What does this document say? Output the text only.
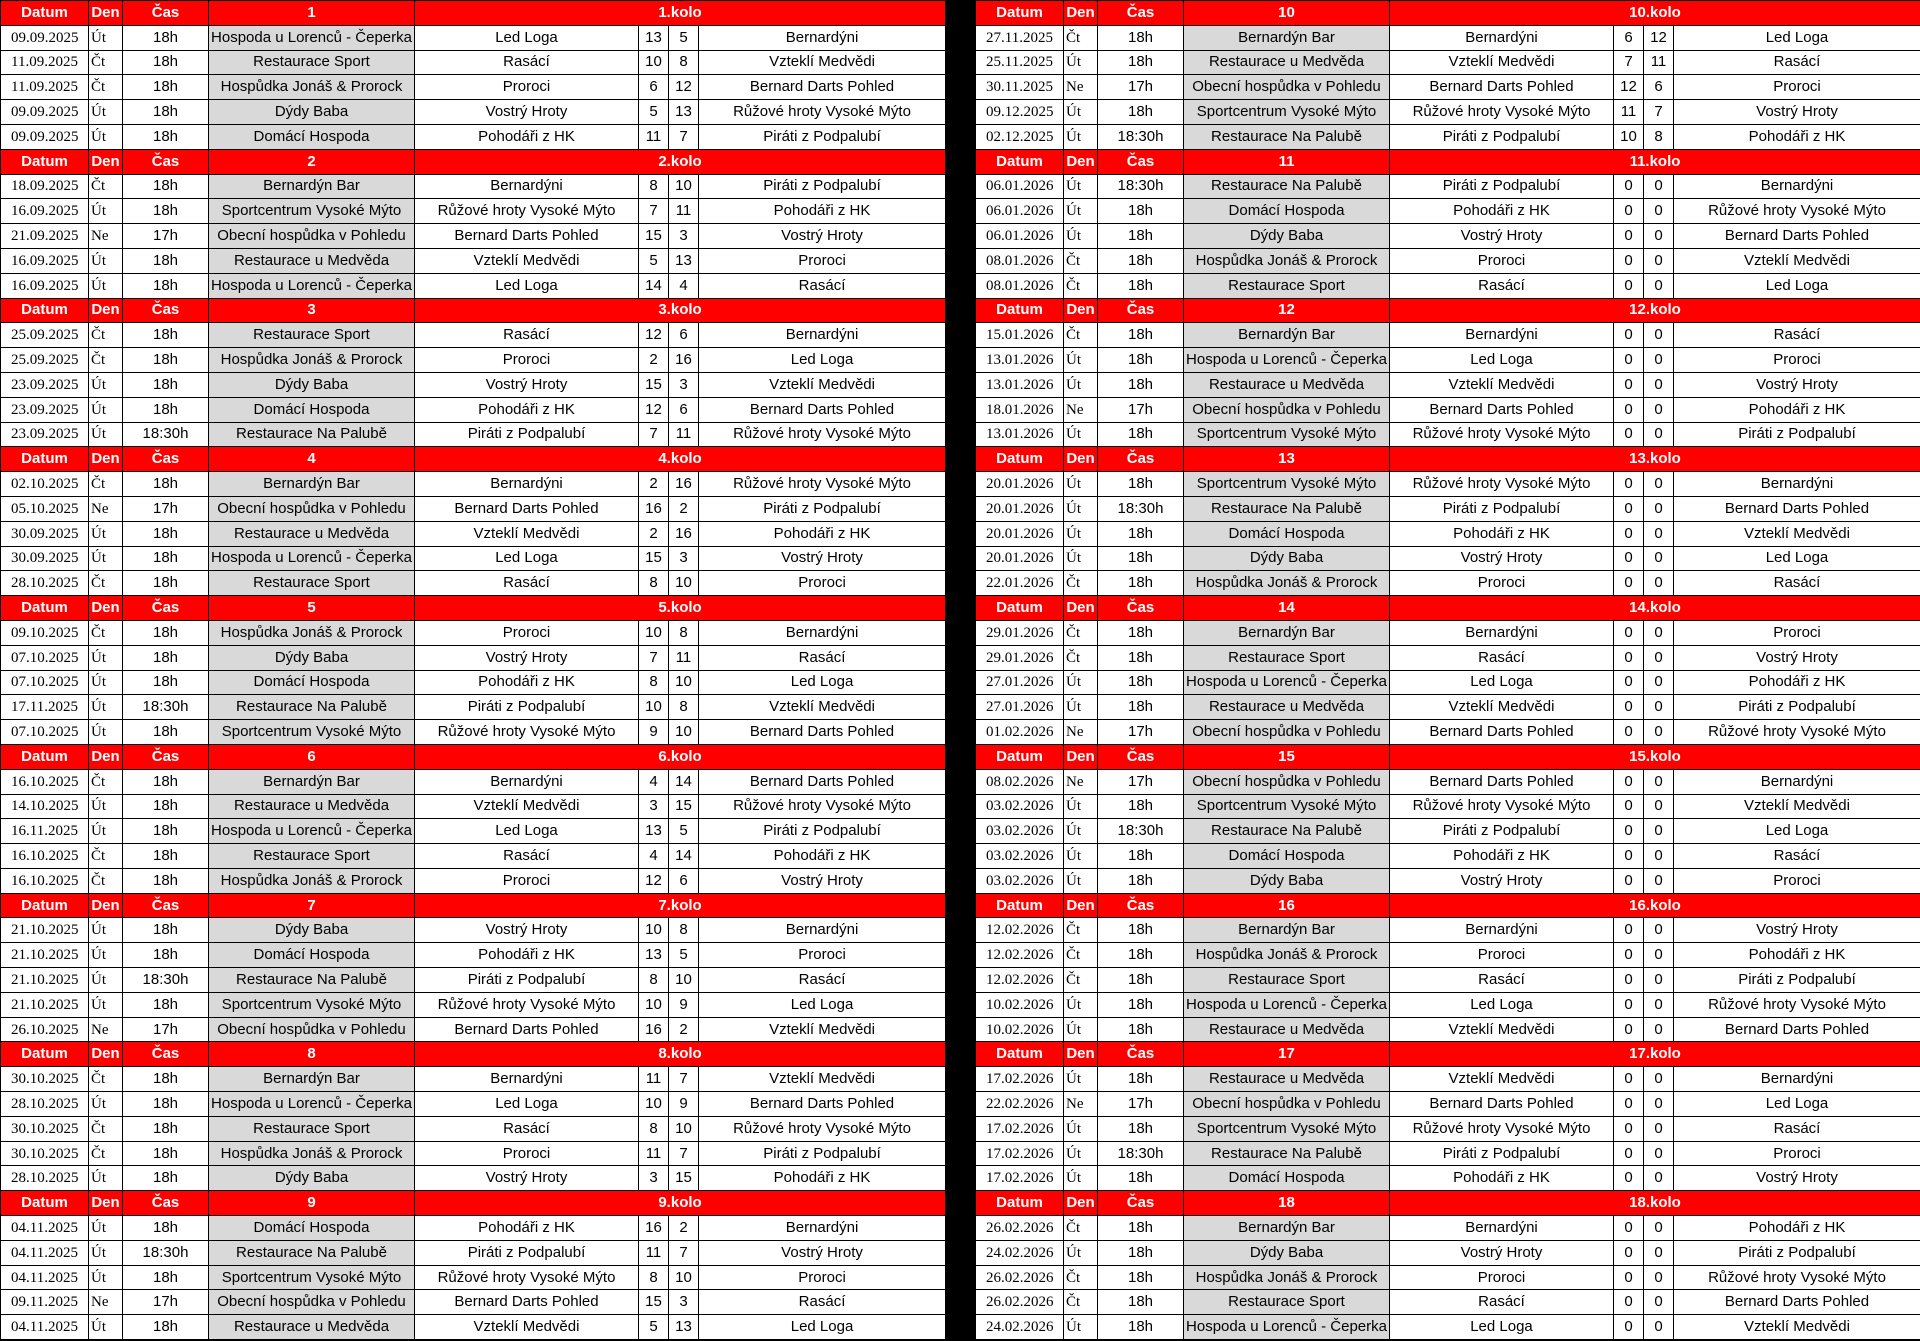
Datum	Den	Čas	1	1.kolo			
09.09.2025	Út	18h	Hospoda u Lorenců - Čeperka	Led Loga	13	5	Bernardýni
11.09.2025	Čt	18h	Restaurace Sport	Rasácí	10	8	Vzteklí Medvědi
11.09.2025	Čt	18h	Hospůdka Jonáš & Prorock	Proroci	6	12	Bernard Darts Pohled
09.09.2025	Út	18h	Dýdy Baba	Vostrý Hroty	5	13	Růžové hroty Vysoké Mýto
09.09.2025	Út	18h	Domácí Hospoda	Pohodáři z HK	11	7	Piráti z Podpalubí
Datum	Den	Čas	2	2.kolo			
18.09.2025	Čt	18h	Bernardýn Bar	Bernardýni	8	10	Piráti z Podpalubí
16.09.2025	Út	18h	Sportcentrum Vysoké Mýto	Růžové hroty Vysoké Mýto	7	11	Pohodáři z HK
21.09.2025	Ne	17h	Obecní hospůdka v Pohledu	Bernard Darts Pohled	15	3	Vostrý Hroty
16.09.2025	Út	18h	Restaurace u Medvěda	Vzteklí Medvědi	5	13	Proroci
16.09.2025	Út	18h	Hospoda u Lorenců - Čeperka	Led Loga	14	4	Rasácí
Datum	Den	Čas	3	3.kolo			
25.09.2025	Čt	18h	Restaurace Sport	Rasácí	12	6	Bernardýni
25.09.2025	Čt	18h	Hospůdka Jonáš & Prorock	Proroci	2	16	Led Loga
23.09.2025	Út	18h	Dýdy Baba	Vostrý Hroty	15	3	Vzteklí Medvědi
23.09.2025	Út	18h	Domácí Hospoda	Pohodáři z HK	12	6	Bernard Darts Pohled
23.09.2025	Út	18:30h	Restaurace Na Palubě	Piráti z Podpalubí	7	11	Růžové hroty Vysoké Mýto
Datum	Den	Čas	4	4.kolo			
02.10.2025	Čt	18h	Bernardýn Bar	Bernardýni	2	16	Růžové hroty Vysoké Mýto
05.10.2025	Ne	17h	Obecní hospůdka v Pohledu	Bernard Darts Pohled	16	2	Piráti z Podpalubí
30.09.2025	Út	18h	Restaurace u Medvěda	Vzteklí Medvědi	2	16	Pohodáři z HK
30.09.2025	Út	18h	Hospoda u Lorenců - Čeperka	Led Loga	15	3	Vostrý Hroty
28.10.2025	Čt	18h	Restaurace Sport	Rasácí	8	10	Proroci
Datum	Den	Čas	5	5.kolo			
09.10.2025	Čt	18h	Hospůdka Jonáš & Prorock	Proroci	10	8	Bernardýni
07.10.2025	Út	18h	Dýdy Baba	Vostrý Hroty	7	11	Rasácí
07.10.2025	Út	18h	Domácí Hospoda	Pohodáři z HK	8	10	Led Loga
17.11.2025	Út	18:30h	Restaurace Na Palubě	Piráti z Podpalubí	10	8	Vzteklí Medvědi
07.10.2025	Út	18h	Sportcentrum Vysoké Mýto	Růžové hroty Vysoké Mýto	9	10	Bernard Darts Pohled
Datum	Den	Čas	6	6.kolo			
16.10.2025	Čt	18h	Bernardýn Bar	Bernardýni	4	14	Bernard Darts Pohled
14.10.2025	Út	18h	Restaurace u Medvěda	Vzteklí Medvědi	3	15	Růžové hroty Vysoké Mýto
16.11.2025	Út	18h	Hospoda u Lorenců - Čeperka	Led Loga	13	5	Piráti z Podpalubí
16.10.2025	Čt	18h	Restaurace Sport	Rasácí	4	14	Pohodáři z HK
16.10.2025	Čt	18h	Hospůdka Jonáš & Prorock	Proroci	12	6	Vostrý Hroty
Datum	Den	Čas	7	7.kolo			
21.10.2025	Út	18h	Dýdy Baba	Vostrý Hroty	10	8	Bernardýni
21.10.2025	Út	18h	Domácí Hospoda	Pohodáři z HK	13	5	Proroci
21.10.2025	Út	18:30h	Restaurace Na Palubě	Piráti z Podpalubí	8	10	Rasácí
21.10.2025	Út	18h	Sportcentrum Vysoké Mýto	Růžové hroty Vysoké Mýto	10	9	Led Loga
26.10.2025	Ne	17h	Obecní hospůdka v Pohledu	Bernard Darts Pohled	16	2	Vzteklí Medvědi
Datum	Den	Čas	8	8.kolo			
30.10.2025	Čt	18h	Bernardýn Bar	Bernardýni	11	7	Vzteklí Medvědi
28.10.2025	Út	18h	Hospoda u Lorenců - Čeperka	Led Loga	10	9	Bernard Darts Pohled
30.10.2025	Čt	18h	Restaurace Sport	Rasácí	8	10	Růžové hroty Vysoké Mýto
30.10.2025	Čt	18h	Hospůdka Jonáš & Prorock	Proroci	11	7	Piráti z Podpalubí
28.10.2025	Út	18h	Dýdy Baba	Vostrý Hroty	3	15	Pohodáři z HK
Datum	Den	Čas	9	9.kolo			
04.11.2025	Út	18h	Domácí Hospoda	Pohodáři z HK	16	2	Bernardýni
04.11.2025	Út	18:30h	Restaurace Na Palubě	Piráti z Podpalubí	11	7	Vostrý Hroty
04.11.2025	Út	18h	Sportcentrum Vysoké Mýto	Růžové hroty Vysoké Mýto	8	10	Proroci
09.11.2025	Ne	17h	Obecní hospůdka v Pohledu	Bernard Darts Pohled	15	3	Rasácí
04.11.2025	Út	18h	Restaurace u Medvěda	Vzteklí Medvědi	5	13	Led Loga
Datum	Den	Čas	10	10.kolo			
27.11.2025	Čt	18h	Bernardýn Bar	Bernardýni	6	12	Led Loga
25.11.2025	Út	18h	Restaurace u Medvěda	Vzteklí Medvědi	7	11	Rasácí
30.11.2025	Ne	17h	Obecní hospůdka v Pohledu	Bernard Darts Pohled	12	6	Proroci
09.12.2025	Út	18h	Sportcentrum Vysoké Mýto	Růžové hroty Vysoké Mýto	11	7	Vostrý Hroty
02.12.2025	Út	18:30h	Restaurace Na Palubě	Piráti z Podpalubí	10	8	Pohodáři z HK
Datum	Den	Čas	11	11.kolo			
06.01.2026	Út	18:30h	Restaurace Na Palubě	Piráti z Podpalubí	0	0	Bernardýni
06.01.2026	Út	18h	Domácí Hospoda	Pohodáři z HK	0	0	Růžové hroty Vysoké Mýto
06.01.2026	Út	18h	Dýdy Baba	Vostrý Hroty	0	0	Bernard Darts Pohled
08.01.2026	Čt	18h	Hospůdka Jonáš & Prorock	Proroci	0	0	Vzteklí Medvědi
08.01.2026	Čt	18h	Restaurace Sport	Rasácí	0	0	Led Loga
Datum	Den	Čas	12	12.kolo			
15.01.2026	Čt	18h	Bernardýn Bar	Bernardýni	0	0	Rasácí
13.01.2026	Út	18h	Hospoda u Lorenců - Čeperka	Led Loga	0	0	Proroci
13.01.2026	Út	18h	Restaurace u Medvěda	Vzteklí Medvědi	0	0	Vostrý Hroty
18.01.2026	Ne	17h	Obecní hospůdka v Pohledu	Bernard Darts Pohled	0	0	Pohodáři z HK
13.01.2026	Út	18h	Sportcentrum Vysoké Mýto	Růžové hroty Vysoké Mýto	0	0	Piráti z Podpalubí
Datum	Den	Čas	13	13.kolo			
20.01.2026	Út	18h	Sportcentrum Vysoké Mýto	Růžové hroty Vysoké Mýto	0	0	Bernardýni
20.01.2026	Út	18:30h	Restaurace Na Palubě	Piráti z Podpalubí	0	0	Bernard Darts Pohled
20.01.2026	Út	18h	Domácí Hospoda	Pohodáři z HK	0	0	Vzteklí Medvědi
20.01.2026	Út	18h	Dýdy Baba	Vostrý Hroty	0	0	Led Loga
22.01.2026	Čt	18h	Hospůdka Jonáš & Prorock	Proroci	0	0	Rasácí
Datum	Den	Čas	14	14.kolo			
29.01.2026	Čt	18h	Bernardýn Bar	Bernardýni	0	0	Proroci
29.01.2026	Čt	18h	Restaurace Sport	Rasácí	0	0	Vostrý Hroty
27.01.2026	Út	18h	Hospoda u Lorenců - Čeperka	Led Loga	0	0	Pohodáři z HK
27.01.2026	Út	18h	Restaurace u Medvěda	Vzteklí Medvědi	0	0	Piráti z Podpalubí
01.02.2026	Ne	17h	Obecní hospůdka v Pohledu	Bernard Darts Pohled	0	0	Růžové hroty Vysoké Mýto
Datum	Den	Čas	15	15.kolo			
08.02.2026	Ne	17h	Obecní hospůdka v Pohledu	Bernard Darts Pohled	0	0	Bernardýni
03.02.2026	Út	18h	Sportcentrum Vysoké Mýto	Růžové hroty Vysoké Mýto	0	0	Vzteklí Medvědi
03.02.2026	Út	18:30h	Restaurace Na Palubě	Piráti z Podpalubí	0	0	Led Loga
03.02.2026	Út	18h	Domácí Hospoda	Pohodáři z HK	0	0	Rasácí
03.02.2026	Út	18h	Dýdy Baba	Vostrý Hroty	0	0	Proroci
Datum	Den	Čas	16	16.kolo			
12.02.2026	Čt	18h	Bernardýn Bar	Bernardýni	0	0	Vostrý Hroty
12.02.2026	Čt	18h	Hospůdka Jonáš & Prorock	Proroci	0	0	Pohodáři z HK
12.02.2026	Čt	18h	Restaurace Sport	Rasácí	0	0	Piráti z Podpalubí
10.02.2026	Út	18h	Hospoda u Lorenců - Čeperka	Led Loga	0	0	Růžové hroty Vysoké Mýto
10.02.2026	Út	18h	Restaurace u Medvěda	Vzteklí Medvědi	0	0	Bernard Darts Pohled
Datum	Den	Čas	17	17.kolo			
17.02.2026	Út	18h	Restaurace u Medvěda	Vzteklí Medvědi	0	0	Bernardýni
22.02.2026	Ne	17h	Obecní hospůdka v Pohledu	Bernard Darts Pohled	0	0	Led Loga
17.02.2026	Út	18h	Sportcentrum Vysoké Mýto	Růžové hroty Vysoké Mýto	0	0	Rasácí
17.02.2026	Út	18:30h	Restaurace Na Palubě	Piráti z Podpalubí	0	0	Proroci
17.02.2026	Út	18h	Domácí Hospoda	Pohodáři z HK	0	0	Vostrý Hroty
Datum	Den	Čas	18	18.kolo			
26.02.2026	Čt	18h	Bernardýn Bar	Bernardýni	0	0	Pohodáři z HK
24.02.2026	Út	18h	Dýdy Baba	Vostrý Hroty	0	0	Piráti z Podpalubí
26.02.2026	Čt	18h	Hospůdka Jonáš & Prorock	Proroci	0	0	Růžové hroty Vysoké Mýto
26.02.2026	Čt	18h	Restaurace Sport	Rasácí	0	0	Bernard Darts Pohled
24.02.2026	Út	18h	Hospoda u Lorenců - Čeperka	Led Loga	0	0	Vzteklí Medvědi
